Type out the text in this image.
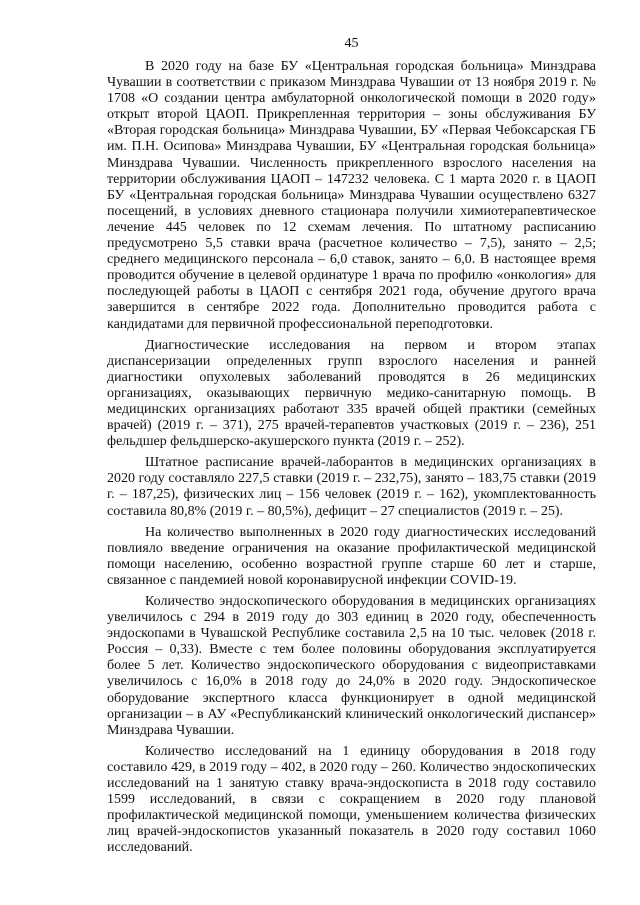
45

В 2020 году на базе БУ «Центральная городская больница» Минздрава Чувашии в соответствии с приказом Минздрава Чувашии от 13 ноября 2019 г. № 1708 «О создании центра амбулаторной онкологической помощи в 2020 году» открыт второй ЦАОП. Прикрепленная территория – зоны обслуживания БУ «Вторая городская больница» Минздрава Чувашии, БУ «Первая Чебоксарская ГБ им. П.Н. Осипова» Минздрава Чувашии, БУ «Центральная городская больница» Минздрава Чувашии. Численность прикрепленного взрослого населения на территории обслуживания ЦАОП – 147232 человека. С 1 марта 2020 г. в ЦАОП БУ «Центральная городская больница» Минздрава Чувашии осуществлено 6327 посещений, в условиях дневного стационара получили химиотерапевтическое лечение 445 человек по 12 схемам лечения. По штатному расписанию предусмотрено 5,5 ставки врача (расчетное количество – 7,5), занято – 2,5; среднего медицинского персонала – 6,0 ставок, занято – 6,0. В настоящее время проводится обучение в целевой ординатуре 1 врача по профилю «онкология» для последующей работы в ЦАОП с сентября 2021 года, обучение другого врача завершится в сентябре 2022 года. Дополнительно проводится работа с кандидатами для первичной профессиональной переподготовки.

Диагностические исследования на первом и втором этапах диспансеризации определенных групп взрослого населения и ранней диагностики опухолевых заболеваний проводятся в 26 медицинских организациях, оказывающих первичную медико-санитарную помощь. В медицинских организациях работают 335 врачей общей практики (семейных врачей) (2019 г. – 371), 275 врачей-терапевтов участковых (2019 г. – 236), 251 фельдшер фельдшерско-акушерского пункта (2019 г. – 252).

Штатное расписание врачей-лаборантов в медицинских организациях в 2020 году составляло 227,5 ставки (2019 г. – 232,75), занято – 183,75 ставки (2019 г. – 187,25), физических лиц – 156 человек (2019 г. – 162), укомплектованность составила 80,8% (2019 г. – 80,5%), дефицит – 27 специалистов (2019 г. – 25).

На количество выполненных в 2020 году диагностических исследований повлияло введение ограничения на оказание профилактической медицинской помощи населению, особенно возрастной группе старше 60 лет и старше, связанное с пандемией новой коронавирусной инфекции COVID-19.

Количество эндоскопического оборудования в медицинских организациях увеличилось с 294 в 2019 году до 303 единиц в 2020 году, обеспеченность эндоскопами в Чувашской Республике составила 2,5 на 10 тыс. человек (2018 г. Россия – 0,33). Вместе с тем более половины оборудования эксплуатируется более 5 лет. Количество эндоскопического оборудования с видеоприставками увеличилось с 16,0% в 2018 году до 24,0% в 2020 году. Эндоскопическое оборудование экспертного класса функционирует в одной медицинской организации – в АУ «Республиканский клинический онкологический диспансер» Минздрава Чувашии.

Количество исследований на 1 единицу оборудования в 2018 году составило 429, в 2019 году – 402, в 2020 году – 260. Количество эндоскопических исследований на 1 занятую ставку врача-эндоскописта в 2018 году составило 1599 исследований, в связи с сокращением в 2020 году плановой профилактической медицинской помощи, уменьшением количества физических лиц врачей-эндоскопистов указанный показатель в 2020 году составил 1060 исследований.
